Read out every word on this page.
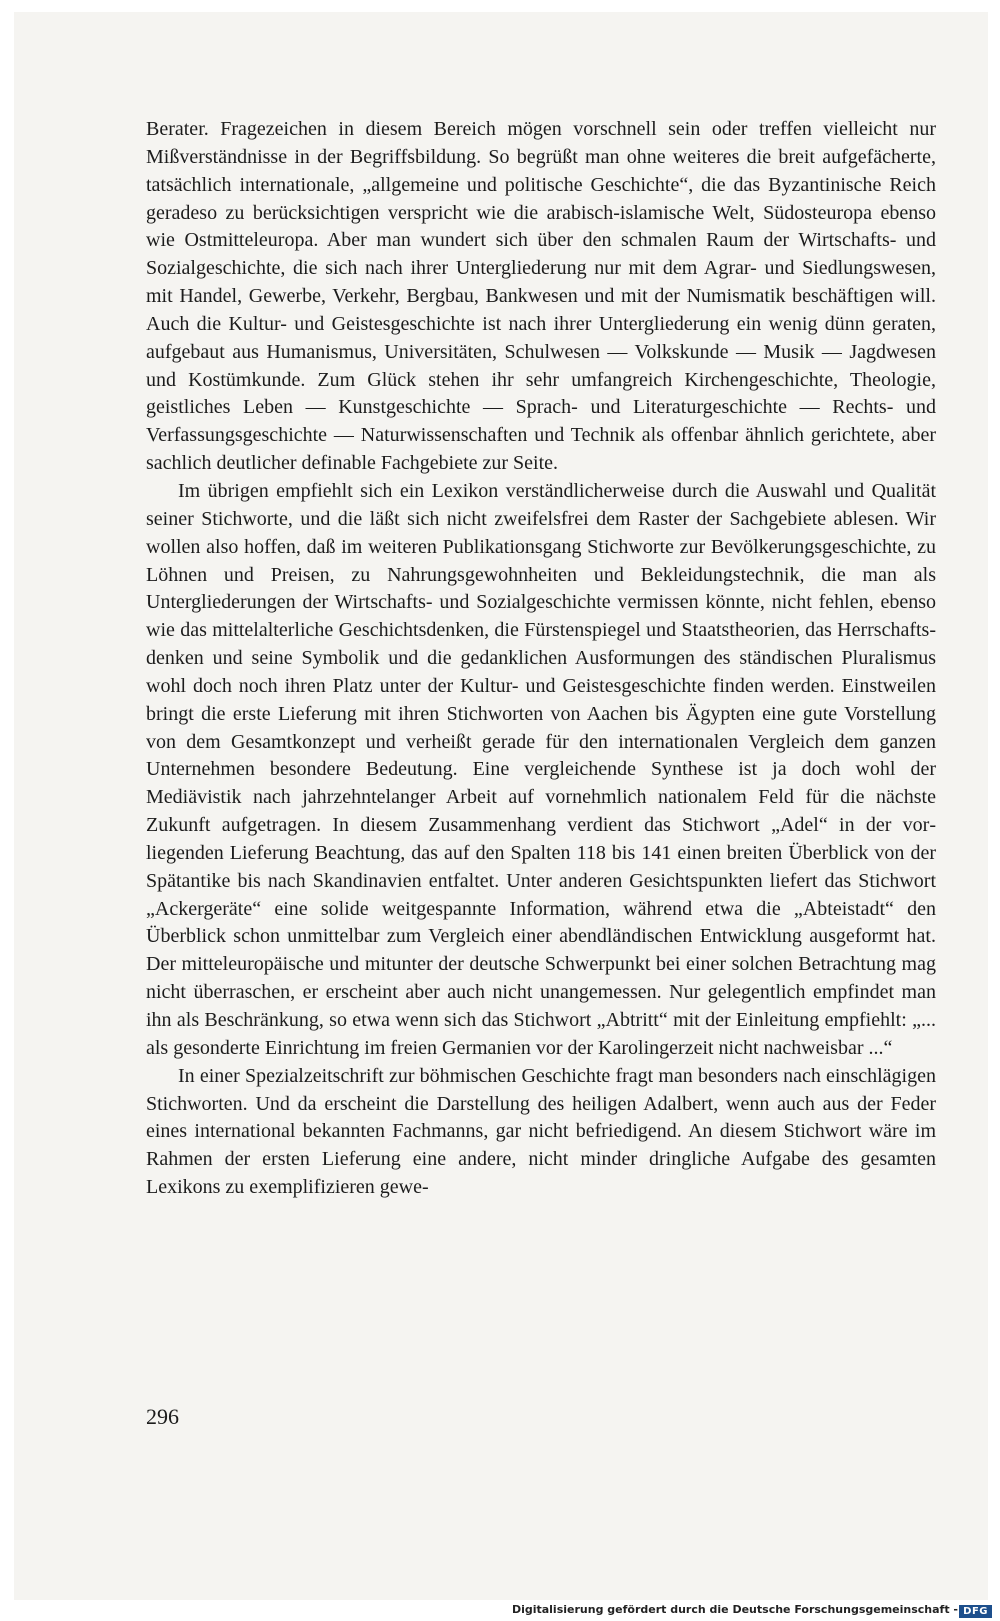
Berater. Fragezeichen in diesem Bereich mögen vorschnell sein oder treffen vielleicht nur Mißverständnisse in der Begriffsbildung. So begrüßt man ohne weiteres die breit aufgefächerte, tatsächlich internationale, „allgemeine und politische Geschichte“, die das Byzantinische Reich geradeso zu berücksichtigen verspricht wie die arabisch-islamische Welt, Südosteuropa ebenso wie Ostmitteleuropa. Aber man wundert sich über den schmalen Raum der Wirtschafts- und Sozialgeschichte, die sich nach ihrer Untergliederung nur mit dem Agrar- und Siedlungswesen, mit Handel, Gewerbe, Verkehr, Bergbau, Bankwesen und mit der Numismatik beschäftigen will. Auch die Kultur- und Geistesgeschichte ist nach ihrer Untergliederung ein wenig dünn geraten, aufgebaut aus Humanismus, Universitäten, Schulwesen — Volkskunde — Musik — Jagdwesen und Kostümkunde. Zum Glück stehen ihr sehr umfangreich Kirchengeschichte, Theologie, geistliches Leben — Kunstgeschichte — Sprach- und Literaturgeschichte — Rechts- und Verfassungsgeschichte — Naturwissenschaften und Technik als offenbar ähnlich gerichtete, aber sachlich deutlicher definable Fachgebiete zur Seite.

Im übrigen empfiehlt sich ein Lexikon verständlicherweise durch die Auswahl und Qualität seiner Stichworte, und die läßt sich nicht zweifelsfrei dem Raster der Sachgebiete ablesen. Wir wollen also hoffen, daß im weiteren Publikationsgang Stichworte zur Bevölkerungsgeschichte, zu Löhnen und Preisen, zu Nahrungsgewohnheiten und Bekleidungstechnik, die man als Untergliederungen der Wirtschafts- und Sozialgeschichte vermissen könnte, nicht fehlen, ebenso wie das mittelalterliche Geschichtsdenken, die Fürstenspiegel und Staatstheorien, das Herrschaftsdenken und seine Symbolik und die gedanklichen Ausformungen des ständischen Pluralismus wohl doch noch ihren Platz unter der Kultur- und Geistesgeschichte finden werden. Einstweilen bringt die erste Lieferung mit ihren Stichworten von Aachen bis Ägypten eine gute Vorstellung von dem Gesamtkonzept und verheißt gerade für den internationalen Vergleich dem ganzen Unternehmen besondere Bedeutung. Eine vergleichende Synthese ist ja doch wohl der Mediävistik nach jahrzehntelanger Arbeit auf vornehmlich nationalem Feld für die nächste Zukunft aufgetragen. In diesem Zusammenhang verdient das Stichwort „Adel“ in der vorliegenden Lieferung Beachtung, das auf den Spalten 118 bis 141 einen breiten Überblick von der Spätantike bis nach Skandinavien entfaltet. Unter anderen Gesichtspunkten liefert das Stichwort „Ackergeräte“ eine solide weitgespannte Information, während etwa die „Abteistadt“ den Überblick schon unmittelbar zum Vergleich einer abendländischen Entwicklung ausgeformt hat. Der mitteleuropäische und mitunter der deutsche Schwerpunkt bei einer solchen Betrachtung mag nicht überraschen, er erscheint aber auch nicht unangemessen. Nur gelegentlich empfindet man ihn als Beschränkung, so etwa wenn sich das Stichwort „Abtritt“ mit der Einleitung empfiehlt: „... als gesonderte Einrichtung im freien Germanien vor der Karolingerzeit nicht nachweisbar ...“

In einer Spezialzeitschrift zur böhmischen Geschichte fragt man besonders nach einschlägigen Stichworten. Und da erscheint die Darstellung des heiligen Adalbert, wenn auch aus der Feder eines international bekannten Fachmanns, gar nicht befriedigend. An diesem Stichwort wäre im Rahmen der ersten Lieferung eine andere, nicht minder dringliche Aufgabe des gesamten Lexikons zu exemplifizieren gewe-

296
Digitalisierung gefördert durch die Deutsche Forschungsgemeinschaft - DFG
